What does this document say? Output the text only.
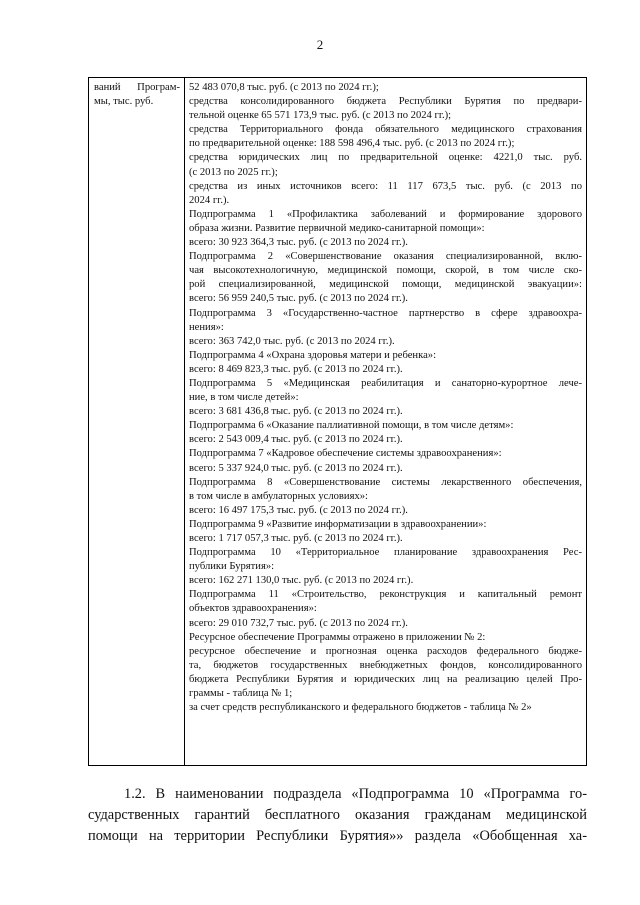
2
ваний Програм-
мы, тыс. руб.
52 483 070,8 тыс. руб. (с 2013 по 2024 гг.);
средства консолидированного бюджета Республики Бурятия по предвари-
тельной оценке 65 571 173,9 тыс. руб. (с 2013 по 2024 гг.);
средства Территориального фонда обязательного медицинского страхования
по предварительной оценке: 188 598 496,4 тыс. руб. (с 2013 по 2024 гг.);
средства юридических лиц по предварительной оценке: 4221,0 тыс. руб.
(с 2013 по 2025 гг.);
средства из иных источников всего: 11 117 673,5 тыс. руб. (с 2013 по
2024 гг.).
Подпрограмма 1 «Профилактика заболеваний и формирование здорового
образа жизни. Развитие первичной медико-санитарной помощи»:
всего: 30 923 364,3 тыс. руб. (с 2013 по 2024 гг.).
Подпрограмма 2 «Совершенствование оказания специализированной, вклю-
чая высокотехнологичную, медицинской помощи, скорой, в том числе ско-
рой специализированной, медицинской помощи, медицинской эвакуации»:
всего: 56 959 240,5 тыс. руб. (с 2013 по 2024 гг.).
Подпрограмма 3 «Государственно-частное партнерство в сфере здравоохра-
нения»:
всего: 363 742,0 тыс. руб. (с 2013 по 2024 гг.).
Подпрограмма 4 «Охрана здоровья матери и ребенка»:
всего: 8 469 823,3 тыс. руб. (с 2013 по 2024 гг.).
Подпрограмма 5 «Медицинская реабилитация и санаторно-курортное лече-
ние, в том числе детей»:
всего: 3 681 436,8 тыс. руб. (с 2013 по 2024 гг.).
Подпрограмма 6 «Оказание паллиативной помощи, в том числе детям»:
всего: 2 543 009,4 тыс. руб. (с 2013 по 2024 гг.).
Подпрограмма 7 «Кадровое обеспечение системы здравоохранения»:
всего: 5 337 924,0 тыс. руб. (с 2013 по 2024 гг.).
Подпрограмма 8 «Совершенствование системы лекарственного обеспечения,
в том числе в амбулаторных условиях»:
всего: 16 497 175,3 тыс. руб. (с 2013 по 2024 гг.).
Подпрограмма 9 «Развитие информатизации в здравоохранении»:
всего: 1 717 057,3 тыс. руб. (с 2013 по 2024 гг.).
Подпрограмма 10 «Территориальное планирование здравоохранения Рес-
публики Бурятия»:
всего: 162 271 130,0 тыс. руб. (с 2013 по 2024 гг.).
Подпрограмма 11 «Строительство, реконструкция и капитальный ремонт
объектов здравоохранения»:
всего: 29 010 732,7 тыс. руб. (с 2013 по 2024 гг.).
Ресурсное обеспечение Программы отражено в приложении № 2:
ресурсное обеспечение и прогнозная оценка расходов федерального бюдже-
та, бюджетов государственных внебюджетных фондов, консолидированного
бюджета Республики Бурятия и юридических лиц на реализацию целей Про-
граммы - таблица № 1;
за счет средств республиканского и федерального бюджетов - таблица № 2»
1.2. В наименовании подраздела «Подпрограмма 10 «Программа го-
сударственных гарантий бесплатного оказания гражданам медицинской
помощи на территории Республики Бурятия»» раздела «Обобщенная ха-
